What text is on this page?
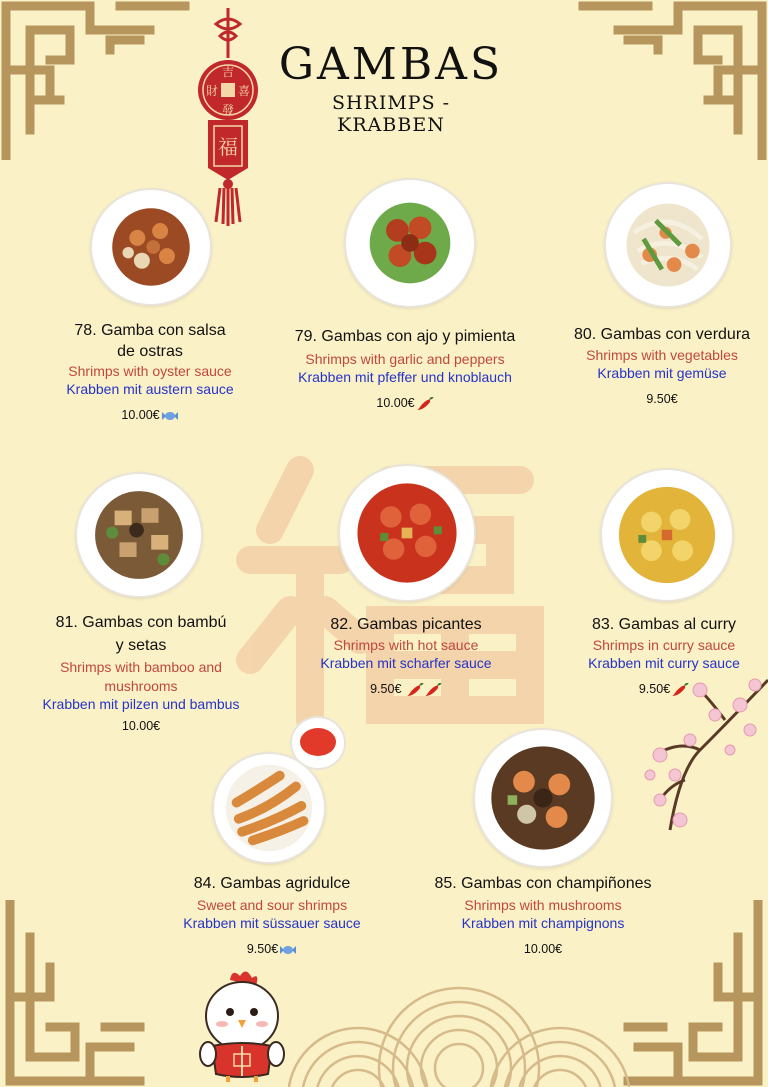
吉
財 喜
發
福
GAMBAS
SHRIMPS - KRABBEN
78. Gamba con salsa
de ostras
Shrimps with oyster sauce
Krabben mit austern sauce
10.00€
79. Gambas con ajo y pimienta
Shrimps with garlic and peppers
Krabben mit pfeffer und knoblauch
10.00€
80. Gambas con verdura
Shrimps with vegetables
Krabben mit gemüse
9.50€
81. Gambas con bambú
y setas
Shrimps with bamboo and
mushrooms
Krabben mit pilzen und bambus
10.00€
82. Gambas picantes
Shrimps with hot sauce
Krabben mit scharfer sauce
9.50€
83. Gambas al curry
Shrimps in curry sauce
Krabben mit curry sauce
9.50€
84. Gambas agridulce
Sweet and sour shrimps
Krabben mit süssauer sauce
9.50€
85. Gambas con champiñones
Shrimps with mushrooms
Krabben mit champignons
10.00€
